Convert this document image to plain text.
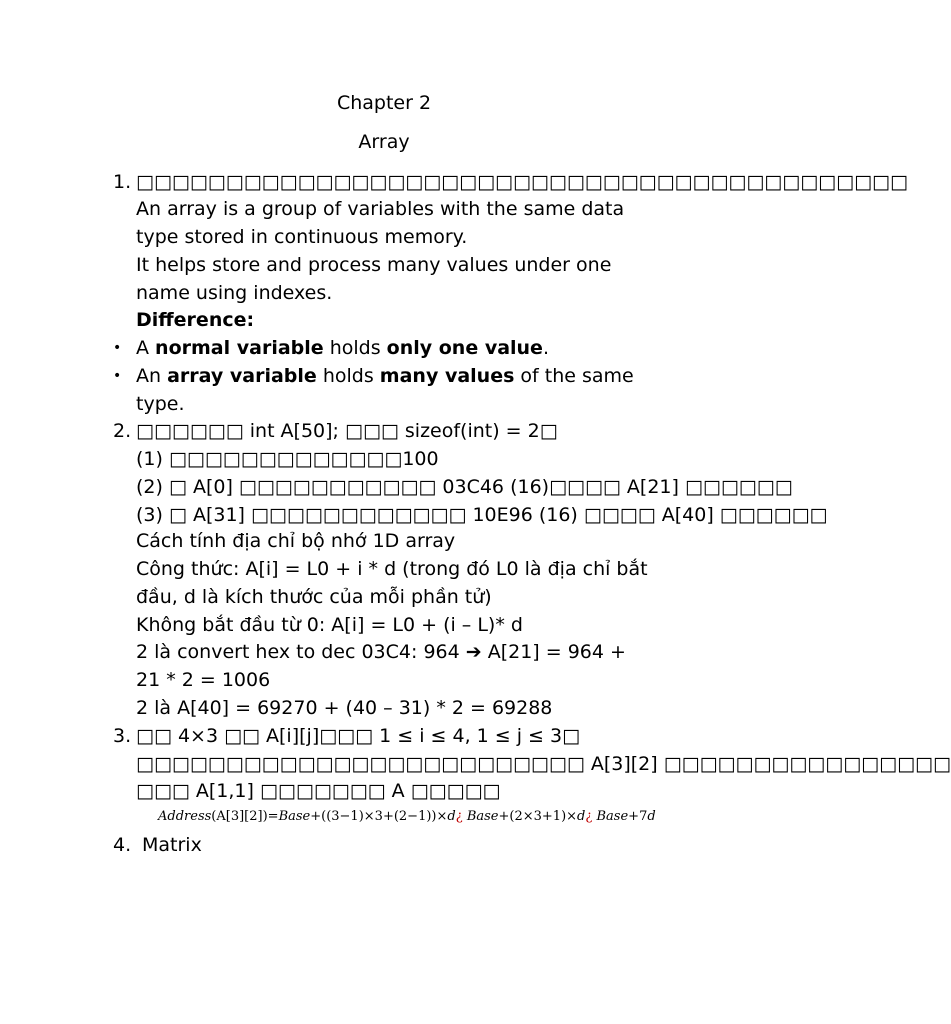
Chapter 2
Array
1. □□□□□□□□□□□□□□□□□□□□□□□□□□□□□□□□□□□□□□□□□□□
An array is a group of variables with the same data
type stored in continuous memory.
It helps store and process many values under one
name using indexes.
Difference:
• A normal variable holds only one value.
• An array variable holds many values of the same
type.
2. □□□□□□ int A[50]; □□□ sizeof(int) = 2□
(1) □□□□□□□□□□□□□100
(2) □ A[0] □□□□□□□□□□□ 03C46 (16)□□□□ A[21] □□□□□□
(3) □ A[31] □□□□□□□□□□□□ 10E96 (16) □□□□ A[40] □□□□□□
Cách tính địa chỉ bộ nhớ 1D array
Công thức: A[i] = L0 + i * d (trong đó L0 là địa chỉ bắt
đầu, d là kích thước của mỗi phần tử)
Không bắt đầu từ 0: A[i] = L0 + (i – L)* d
2 là convert hex to dec 03C4: 964 ➔ A[21] = 964 +
21 * 2 = 1006
2 là A[40] = 69270 + (40 – 31) * 2 = 69288
3. □□ 4×3 □□ A[i][j]□□□ 1 ≤ i ≤ 4, 1 ≤ j ≤ 3□
□□□□□□□□□□□□□□□□□□□□□□□□□ A[3][2] □□□□□□□□□□□□□□□□
□□□ A[1,1] □□□□□□□ A □□□□□
Address(A[3][2])=Base+((3−1)×3+(2−1))×d¿ Base+(2×3+1)×d¿ Base+7d
4. Matrix
